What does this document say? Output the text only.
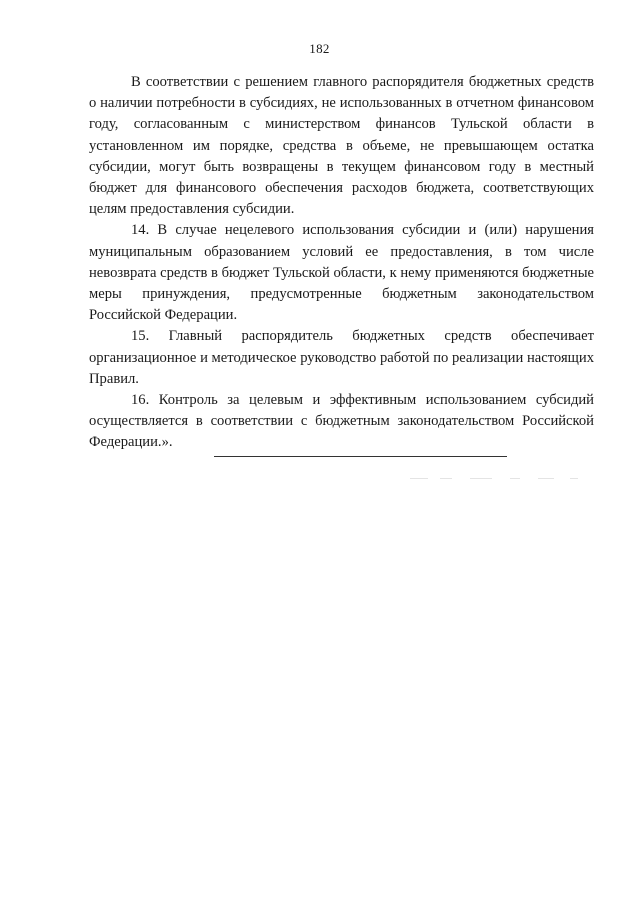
182

В соответствии с решением главного распорядителя бюджетных средств о наличии потребности в субсидиях, не использованных в отчетном финансовом году, согласованным с министерством финансов Тульской области в установленном им порядке, средства в объеме, не превышающем остатка субсидии, могут быть возвращены в текущем финансовом году в местный бюджет для финансового обеспечения расходов бюджета, соответствующих целям предоставления субсидии.

14. В случае нецелевого использования субсидии и (или) нарушения муниципальным образованием условий ее предоставления, в том числе невозврата средств в бюджет Тульской области, к нему применяются бюджетные меры принуждения, предусмотренные бюджетным законодательством Российской Федерации.

15. Главный распорядитель бюджетных средств обеспечивает организационное и методическое руководство работой по реализации настоящих Правил.

16. Контроль за целевым и эффективным использованием субсидий осуществляется в соответствии с бюджетным законодательством Российской Федерации.».
